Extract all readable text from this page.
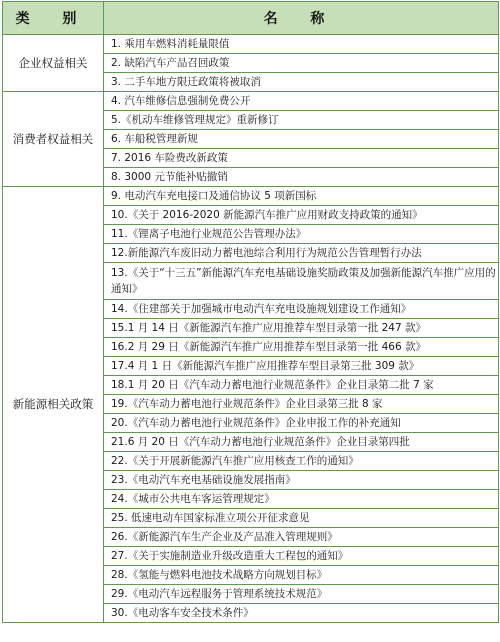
类 别	名 称
企业权益相关	1. 乘用车燃料消耗量限值
	2. 缺陷汽车产品召回政策
	3. 二手车地方限迁政策将被取消
消费者权益相关	4. 汽车维修信息强制免费公开
	5.《机动车维修管理规定》重新修订
	6. 车船税管理新规
	7. 2016 车险费改新政策
	8. 3000 元节能补贴撤销
新能源相关政策	9. 电动汽车充电接口及通信协议 5 项新国标
	10.《关于 2016-2020 新能源汽车推广应用财政支持政策的通知》
	11.《锂离子电池行业规范公告管理办法》
	12.新能源汽车废旧动力蓄电池综合利用行为规范公告管理暂行办法
	13.《关于“十三五”新能源汽车充电基础设施奖励政策及加强新能源汽车推广应用的通知》
	14.《住建部关于加强城市电动汽车充电设施规划建设工作通知》
	15.1 月 14 日《新能源汽车推广应用推荐车型目录第一批 247 款》
	16.2 月 29 日《新能源汽车推广应用推荐车型目录第一批 466 款》
	17.4 月 1 日《新能源汽车推广应用推荐车型目录第三批 309 款》
	18.1 月 20 日《汽车动力蓄电池行业规范条件》企业目录第二批 7 家
	19.《汽车动力蓄电池行业规范条件》企业目录第三批 8 家
	20.《汽车动力蓄电池行业规范条件》企业申报工作的补充通知
	21.6 月 20 日《汽车动力蓄电池行业规范条件》企业目录第四批
	22.《关于开展新能源汽车推广应用核查工作的通知》
	23.《电动汽车充电基础设施发展指南》
	24.《城市公共电车客运管理规定》
	25. 低速电动车国家标准立项公开征求意见
	26.《新能源汽车生产企业及产品准入管理规则》
	27.《关于实施制造业升级改造重大工程包的通知》
	28.《氢能与燃料电池技术战略方向规划目标》
	29.《电动汽车远程服务于管理系统技术规范》
	30.《电动客车安全技术条件》
